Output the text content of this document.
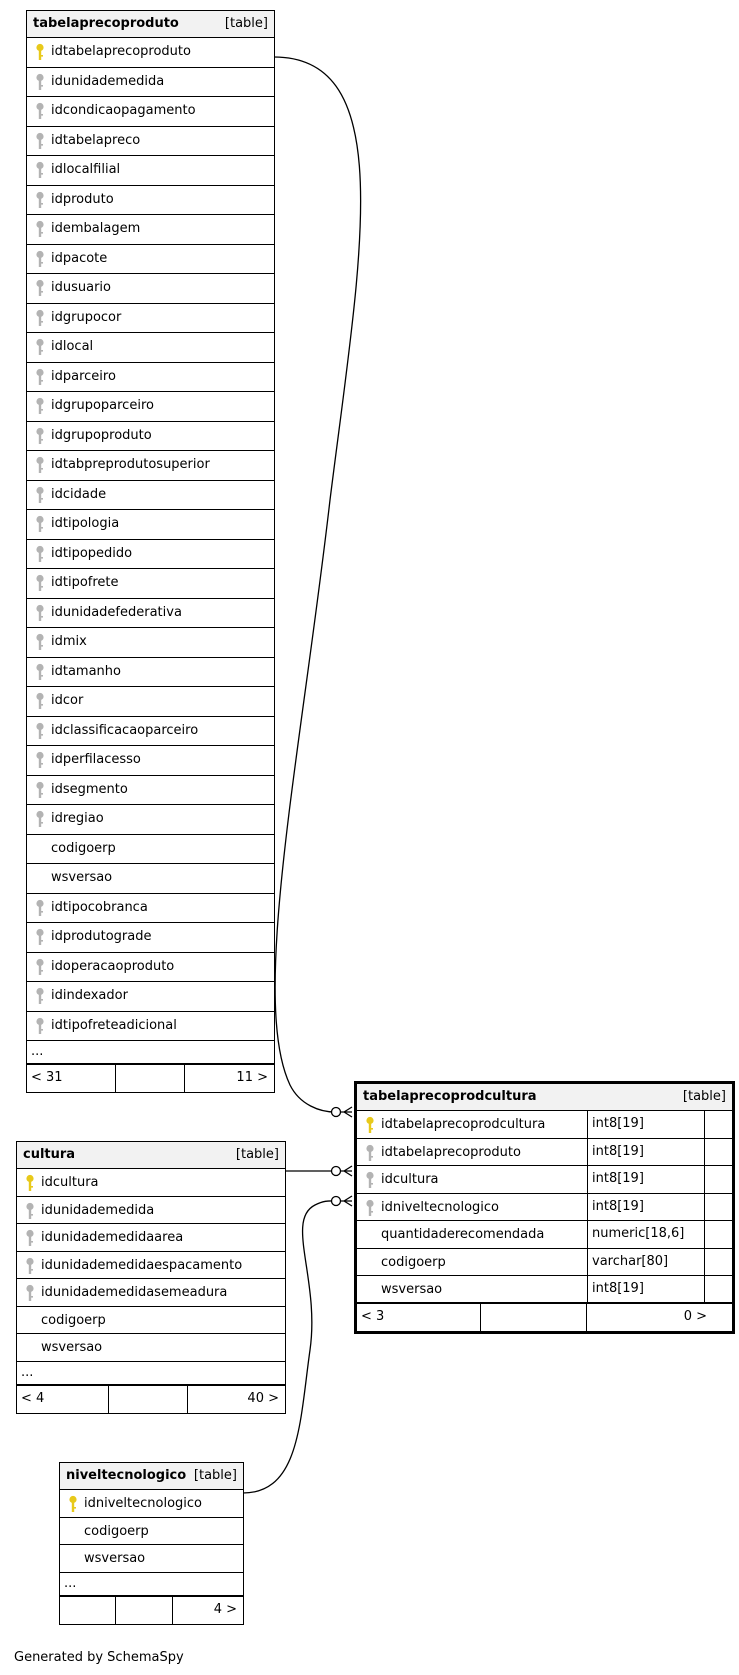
tabelaprecoproduto	[table]
idtabelaprecoproduto
idunidademedida
idcondicaopagamento
idtabelapreco
idlocalfilial
idproduto
idembalagem
idpacote
idusuario
idgrupocor
idlocal
idparceiro
idgrupoparceiro
idgrupoproduto
idtabpreprodutosuperior
idcidade
idtipologia
idtipopedido
idtipofrete
idunidadefederativa
idmix
idtamanho
idcor
idclassificacaoparceiro
idperfilacesso
idsegmento
idregiao
codigoerp
wsversao
idtipocobranca
idprodutograde
idoperacaoproduto
idindexador
idtipofreteadicional
...
< 31	11 >
tabelaprecoprodcultura	[table]
idtabelaprecoprodcultura	int8[19]
idtabelaprecoproduto	int8[19]
idcultura	int8[19]
idniveltecnologico	int8[19]
quantidaderecomendada	numeric[18,6]
codigoerp	varchar[80]
wsversao	int8[19]
< 3	0 >
cultura	[table]
idcultura
idunidademedida
idunidademedidaarea
idunidademedidaespacamento
idunidademedidasemeadura
codigoerp
wsversao
...
< 4	40 >
niveltecnologico [table]
idniveltecnologico
codigoerp
wsversao
...
4 >
Generated by SchemaSpy
